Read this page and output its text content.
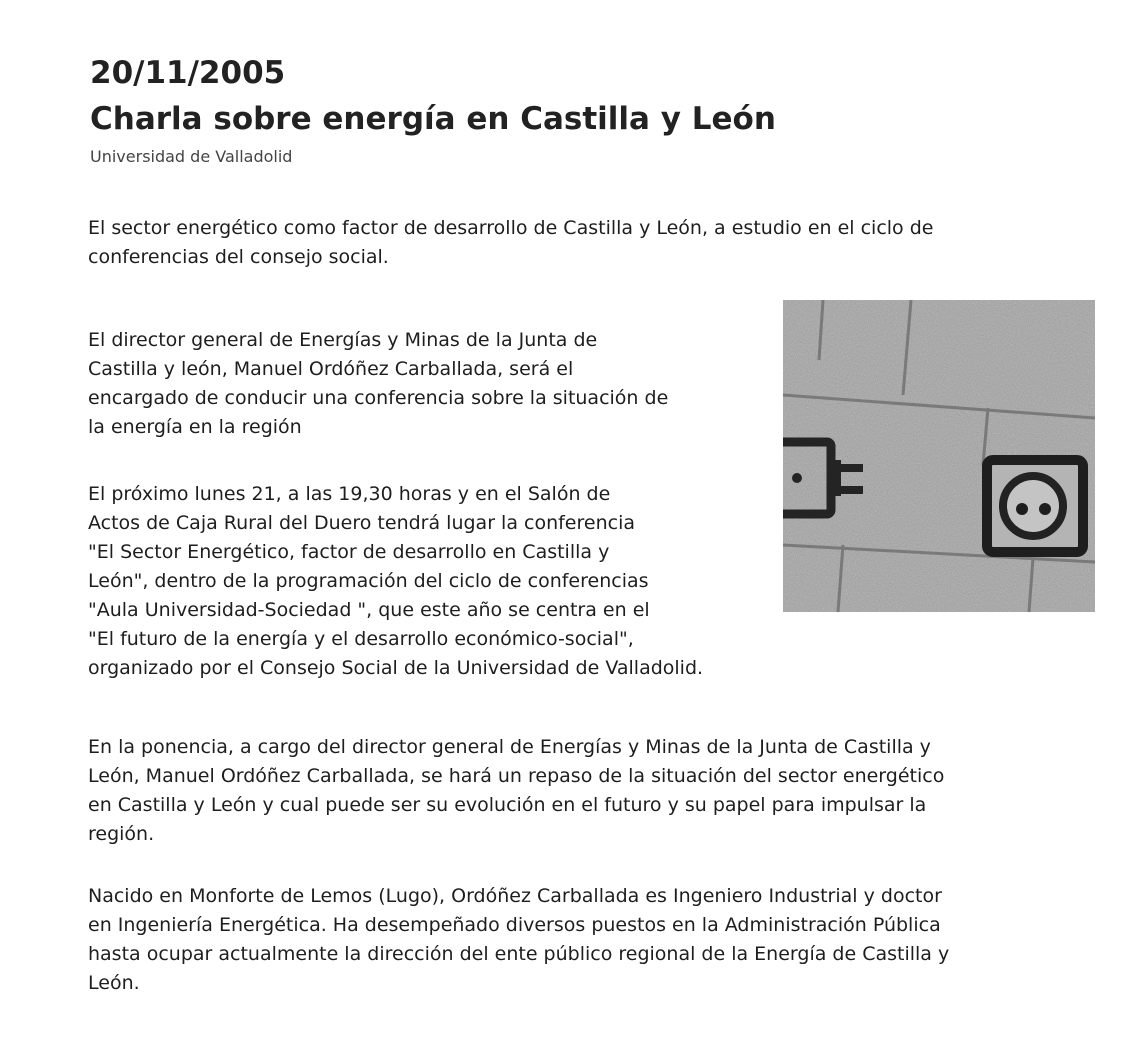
20/11/2005
Charla sobre energía en Castilla y León
Universidad de Valladolid

El sector energético como factor de desarrollo de Castilla y León, a estudio en el ciclo de
conferencias del consejo social.

El director general de Energías y Minas de la Junta de
Castilla y león, Manuel Ordóñez Carballada, será el
encargado de conducir una conferencia sobre la situación de
la energía en la región

El próximo lunes 21, a las 19,30 horas y en el Salón de
Actos de Caja Rural del Duero tendrá lugar la conferencia
"El Sector Energético, factor de desarrollo en Castilla y
León", dentro de la programación del ciclo de conferencias
"Aula Universidad-Sociedad ", que este año se centra en el
"El futuro de la energía y el desarrollo económico-social",
organizado por el Consejo Social de la Universidad de Valladolid.

En la ponencia, a cargo del director general de Energías y Minas de la Junta de Castilla y
León, Manuel Ordóñez Carballada, se hará un repaso de la situación del sector energético
en Castilla y León y cual puede ser su evolución en el futuro y su papel para impulsar la
región.

Nacido en Monforte de Lemos (Lugo), Ordóñez Carballada es Ingeniero Industrial y doctor
en Ingeniería Energética. Ha desempeñado diversos puestos en la Administración Pública
hasta ocupar actualmente la dirección del ente público regional de la Energía de Castilla y
León.
